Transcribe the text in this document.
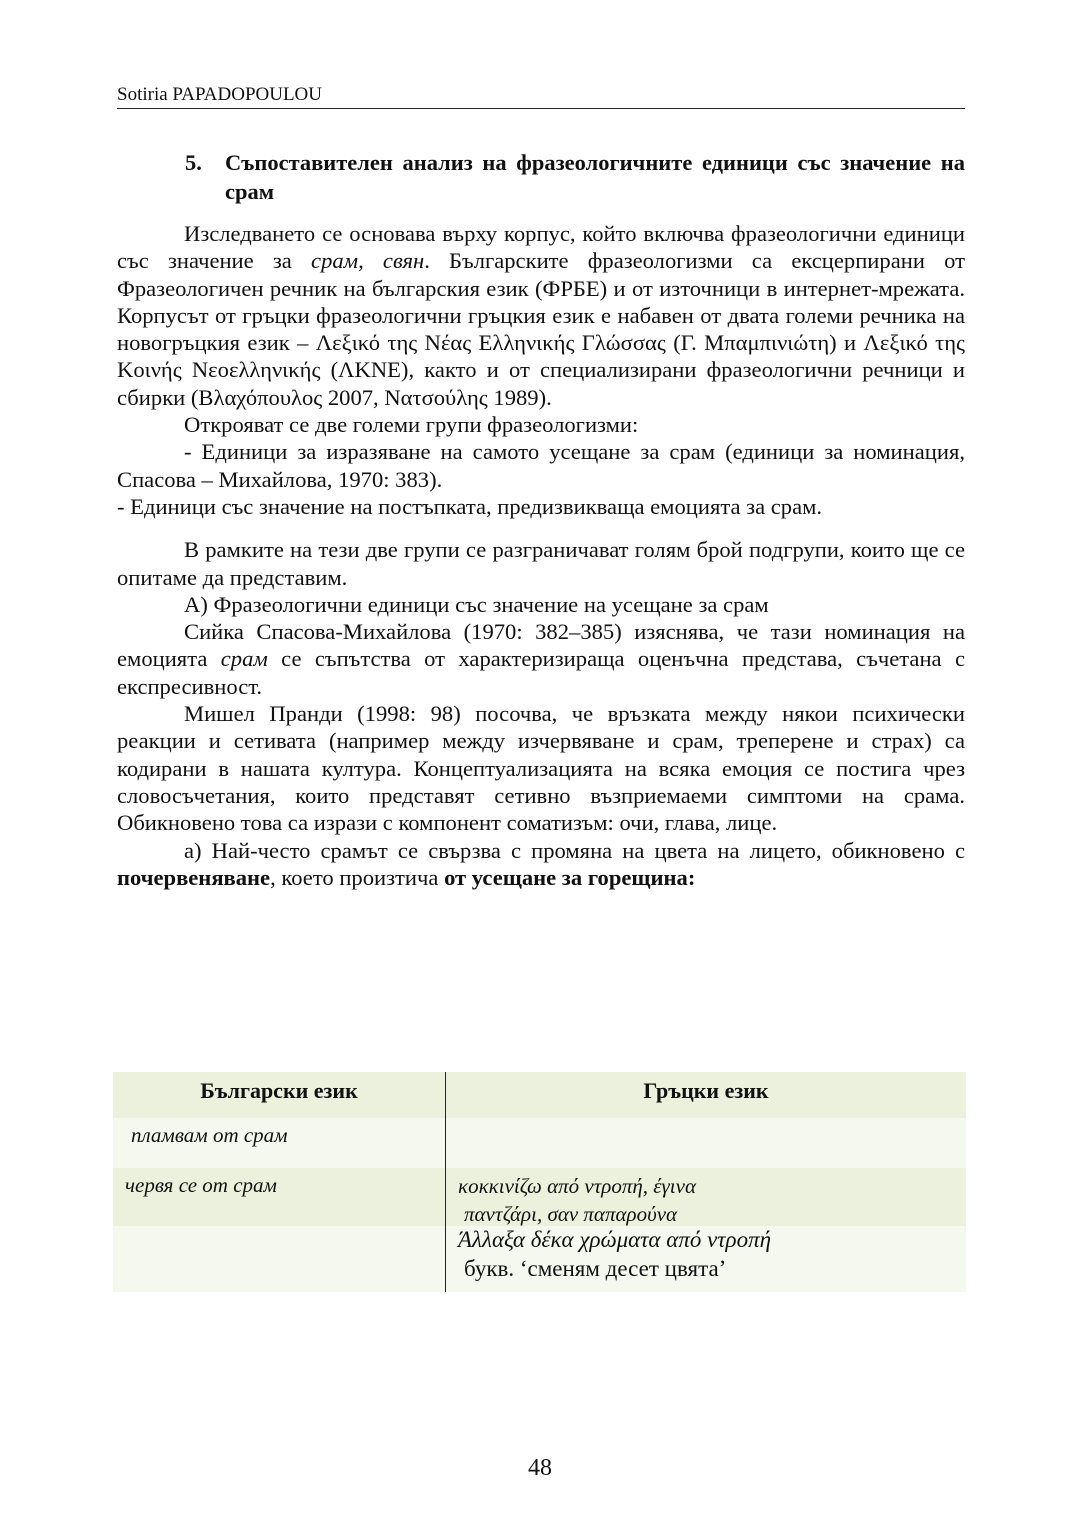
Sotiria PAPADOPOULOU
5. Съпоставителен анализ на фразеологичните единици със значение на срам

Изследването се основава върху корпус, който включва фразеологични единици със значение за срам, свян. Българските фразеологизми са ексцерпирани от Фразеологичен речник на българския език (ФРБЕ) и от източници в интернет-мрежата. Корпусът от гръцки фразеологични гръцкия език е набавен от двата големи речника на новогръцкия език – Λεξικό της Νέας Ελληνικής Γλώσσας (Γ. Μπαμπινιώτη) и Λεξικό της Κοινής Νεοελληνικής (ΛΚΝΕ), както и от специализирани фразеологични речници и сбирки (Βλαχόπουλος 2007, Νατσούλης 1989).

Открояват се две големи групи фразеологизми:

- Единици за изразяване на самото усещане за срам (единици за номинация, Спасова – Михайлова, 1970: 383).

- Единици със значение на постъпката, предизвикваща емоцията за срам.

В рамките на тези две групи се разграничават голям брой подгрупи, които ще се опитаме да представим.

А) Фразеологични единици със значение на усещане за срам

Сийка Спасова-Михайлова (1970: 382–385) изяснява, че тази номинация на емоцията срам се съпътства от характеризираща оценъчна представа, съчетана с експресивност.

Мишел Пранди (1998: 98) посочва, че връзката между някои психически реакции и сетивата (например между изчервяване и срам, треперене и страх) са кодирани в нашата култура. Концептуализацията на всяка емоция се постига чрез словосъчетания, които представят сетивно възприемаеми симптоми на срама. Обикновено това са изрази с компонент соматизъм: очи, глава, лице.

а) Най-често срамът се свързва с промяна на цвета на лицето, обикновено с почервеняване, което произтича от усещане за горещина:

Български език	Гръцки език
пламвам от срам
червя се от срам	κοκκινίζω από ντροπή, έγινα
παντζάρι, σαν παπαρούνα
Άλλαξα δέκα χρώματα από ντροπή
букв. ‘сменям десет цвята’
48
